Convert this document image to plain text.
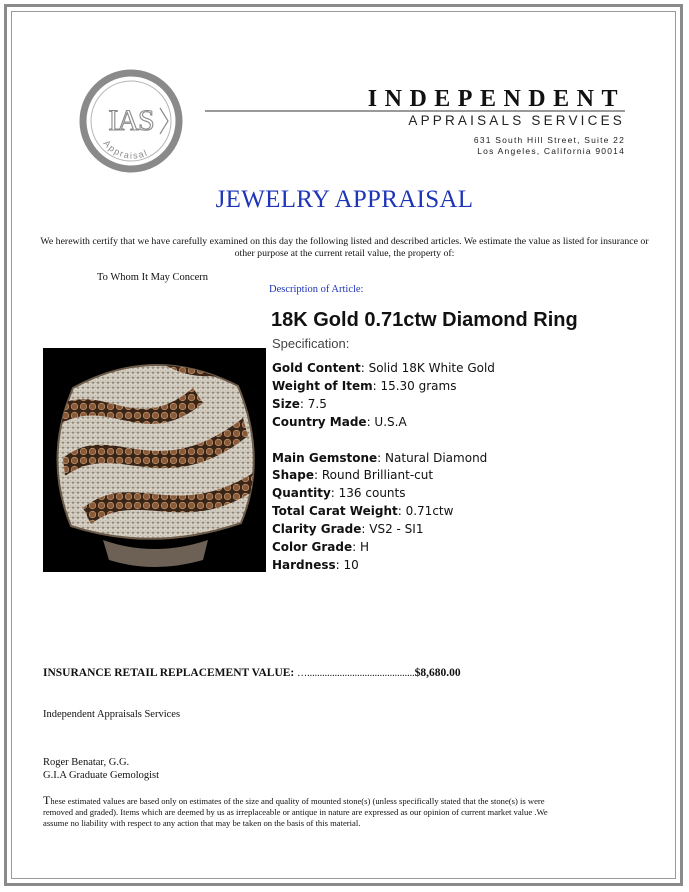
IAS
Appraisal
INDEPENDENT
APPRAISALS SERVICES
631 South Hill Street, Suite 22
Los Angeles, California 90014
JEWELRY APPRAISAL
We herewith certify that we have carefully examined on this day the following listed and described articles. We estimate the value as listed for insurance or other purpose at the current retail value, the property of:
To Whom It May Concern
Description of Article:
18K Gold 0.71ctw Diamond Ring
Specification:
Gold Content: Solid 18K White Gold
Weight of Item: 15.30 grams
Size: 7.5
Country Made: U.S.A
Main Gemstone: Natural Diamond
Shape: Round Brilliant-cut
Quantity: 136 counts
Total Carat Weight: 0.71ctw
Clarity Grade: VS2 - SI1
Color Grade: H
Hardness: 10
INSURANCE RETAIL REPLACEMENT VALUE: …...........................................$8,680.00
Independent Appraisals Services
Roger Benatar, G.G.
G.I.A Graduate Gemologist
These estimated values are based only on estimates of the size and quality of mounted stone(s) (unless specifically stated that the stone(s) is were removed and graded). Items which are deemed by us as irreplaceable or antique in nature are expressed as our opinion of current market value .We assume no liability with respect to any action that may be taken on the basis of this material.
